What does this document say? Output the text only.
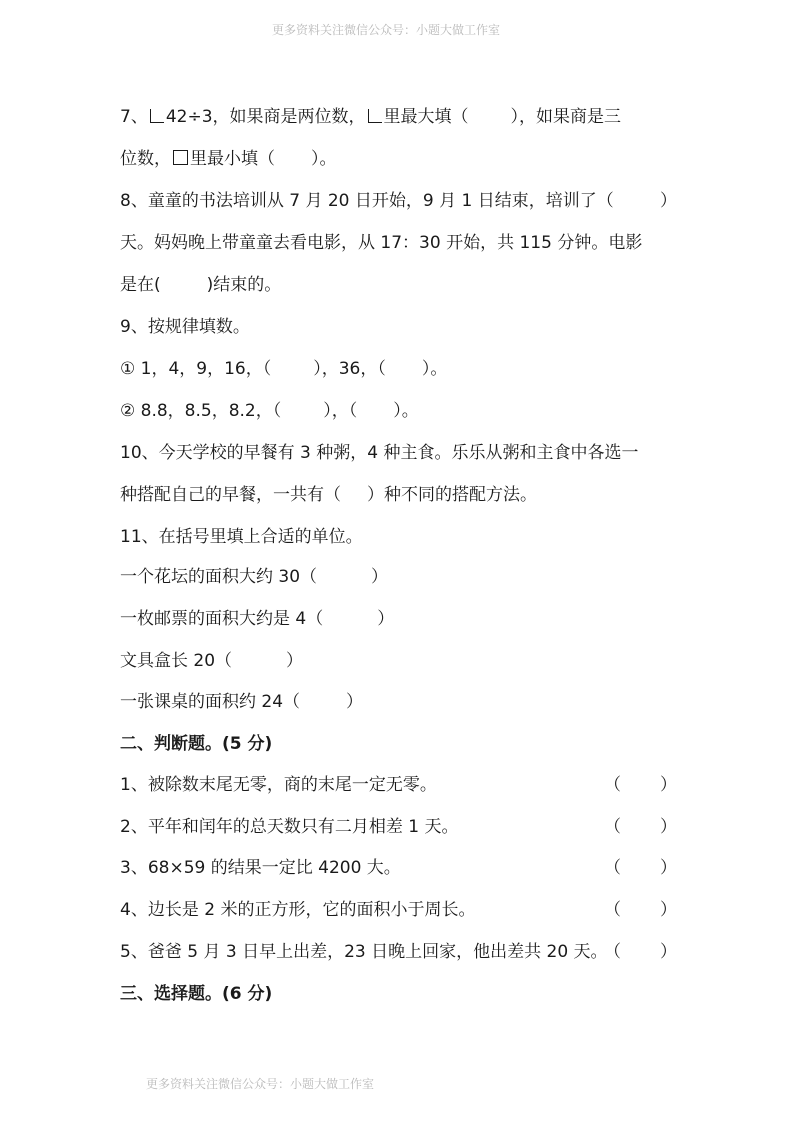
更多资料关注微信公众号：小题大做工作室
7、 42÷3，如果商是两位数， 里最大填（ ），如果商是三
位数， 里最小填（ ）。
8、童童的书法培训从 7 月 20 日开始，9 月 1 日结束，培训了（	）
天。妈妈晚上带童童去看电影，从 17：30 开始，共 115 分钟。电影
是在(	)结束的。
9、按规律填数。
① 1，4，9，16，（ ），36，（ ）。
② 8.8，8.5，8.2，（ ），（ ）。
10、今天学校的早餐有 3 种粥，4 种主食。乐乐从粥和主食中各选一
种搭配自己的早餐，一共有（ ）种不同的搭配方法。
11、在括号里填上合适的单位。
一个花坛的面积大约 30（	）
一枚邮票的面积大约是 4（	）
文具盒长 20（	）
一张课桌的面积约 24（	）
二、判断题。(5 分)
1、被除数末尾无零，商的末尾一定无零。	（ ）
2、平年和闰年的总天数只有二月相差 1 天。	（ ）
3、68×59 的结果一定比 4200 大。	（ ）
4、边长是 2 米的正方形，它的面积小于周长。	（ ）
5、爸爸 5 月 3 日早上出差，23 日晚上回家，他出差共 20 天。
（ ）
三、选择题。(6 分)
更多资料关注微信公众号：小题大做工作室
